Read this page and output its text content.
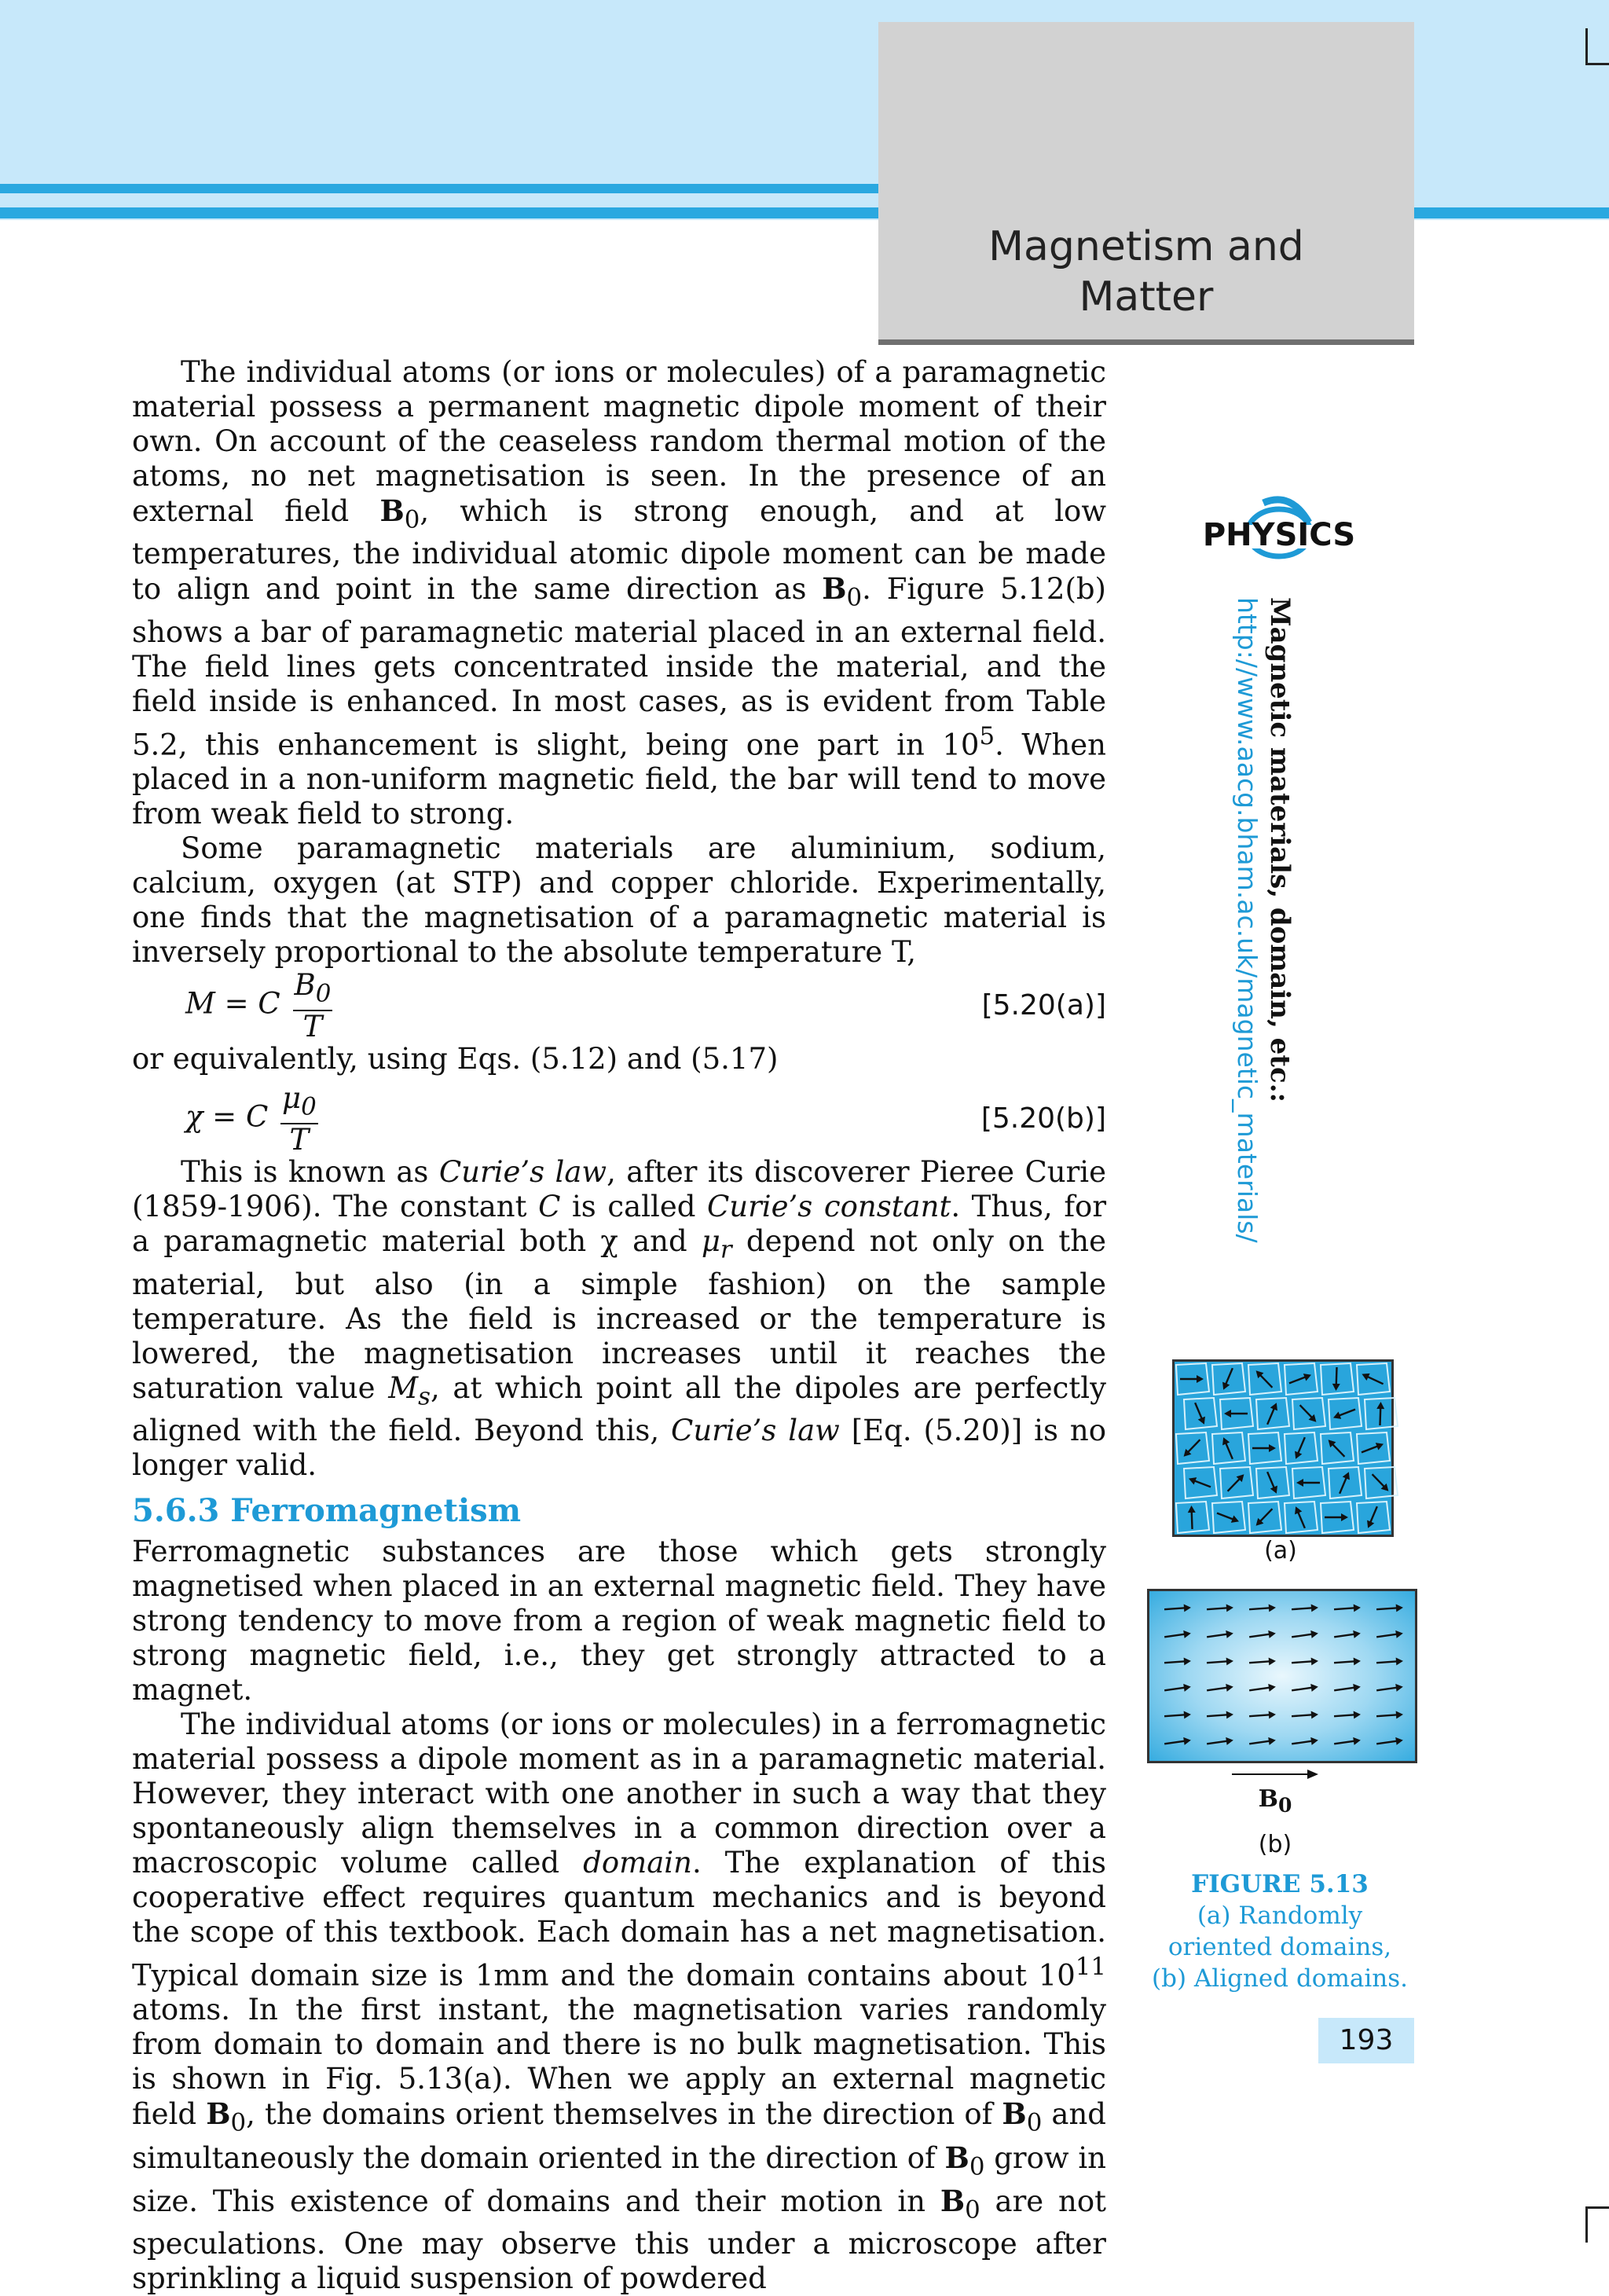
Magnetism and
Matter

The individual atoms (or ions or molecules) of a paramagnetic material possess a permanent magnetic dipole moment of their own. On account of the ceaseless random thermal motion of the atoms, no net magnetisation is seen. In the presence of an external field $B_0$, which is strong enough, and at low temperatures, the individual atomic dipole moment can be made to align and point in the same direction as $B_0$. Figure 5.12(b) shows a bar of paramagnetic material placed in an external field. The field lines gets concentrated inside the material, and the field inside is enhanced. In most cases, as is evident from Table 5.2, this enhancement is slight, being one part in $10^5$. When placed in a non-uniform magnetic field, the bar will tend to move from weak field to strong.

Some paramagnetic materials are aluminium, sodium, calcium, oxygen (at STP) and copper chloride. Experimentally, one finds that the magnetisation of a paramagnetic material is inversely proportional to the absolute temperature T,

M = C $\frac{B_0}{T}$	[5.20(a)]

or equivalently, using Eqs. (5.12) and (5.17)

χ = C $\frac{\mu_0}{T}$	[5.20(b)]

This is known as Curie’s law, after its discoverer Pieree Curie (1859-1906). The constant C is called Curie’s constant. Thus, for a paramagnetic material both χ and $\mu_r$ depend not only on the material, but also (in a simple fashion) on the sample temperature. As the field is increased or the temperature is lowered, the magnetisation increases until it reaches the saturation value $M_s$, at which point all the dipoles are perfectly aligned with the field. Beyond this, Curie’s law [Eq. (5.20)] is no longer valid.

5.6.3 Ferromagnetism

Ferromagnetic substances are those which gets strongly magnetised when placed in an external magnetic field. They have strong tendency to move from a region of weak magnetic field to strong magnetic field, i.e., they get strongly attracted to a magnet.

The individual atoms (or ions or molecules) in a ferromagnetic material possess a dipole moment as in a paramagnetic material. However, they interact with one another in such a way that they spontaneously align themselves in a common direction over a macroscopic volume called domain. The explanation of this cooperative effect requires quantum mechanics and is beyond the scope of this textbook. Each domain has a net magnetisation. Typical domain size is 1mm and the domain contains about $10^{11}$ atoms. In the first instant, the magnetisation varies randomly from domain to domain and there is no bulk magnetisation. This is shown in Fig. 5.13(a). When we apply an external magnetic field $B_0$, the domains orient themselves in the direction of $B_0$ and simultaneously the domain oriented in the direction of $B_0$ grow in size. This existence of domains and their motion in $B_0$ are not speculations. One may observe this under a microscope after sprinkling a liquid suspension of powdered

PHYSICS
Magnetic materials, domain, etc.:
http://www.aacg.bham.ac.uk/magnetic_materials/
(a)
$B_0$
(b)
FIGURE 5.13
(a) Randomly
oriented domains,
(b) Aligned domains.
193
